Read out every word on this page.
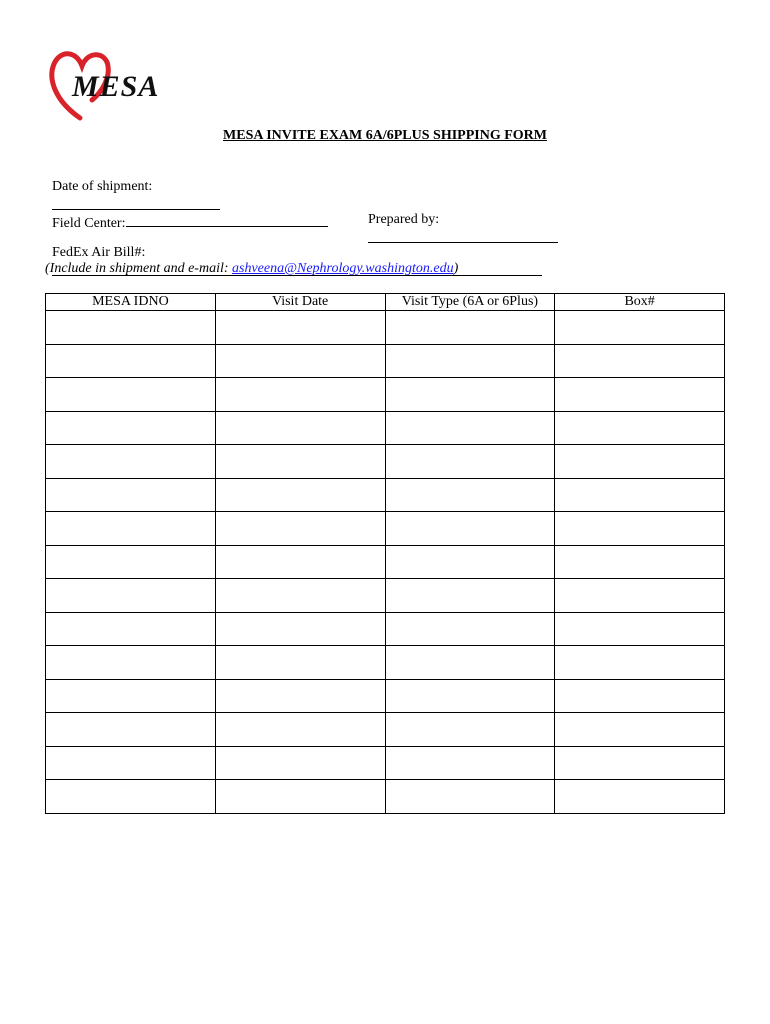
MESA
MESA INVITE EXAM 6A/6PLUS SHIPPING FORM

Date of shipment:

Field Center:	Prepared by:

FedEx Air Bill#:

(Include in shipment and e-mail: ashveena@Nephrology.washington.edu)
MESA IDNO	Visit Date	Visit Type (6A or 6Plus)	Box#
